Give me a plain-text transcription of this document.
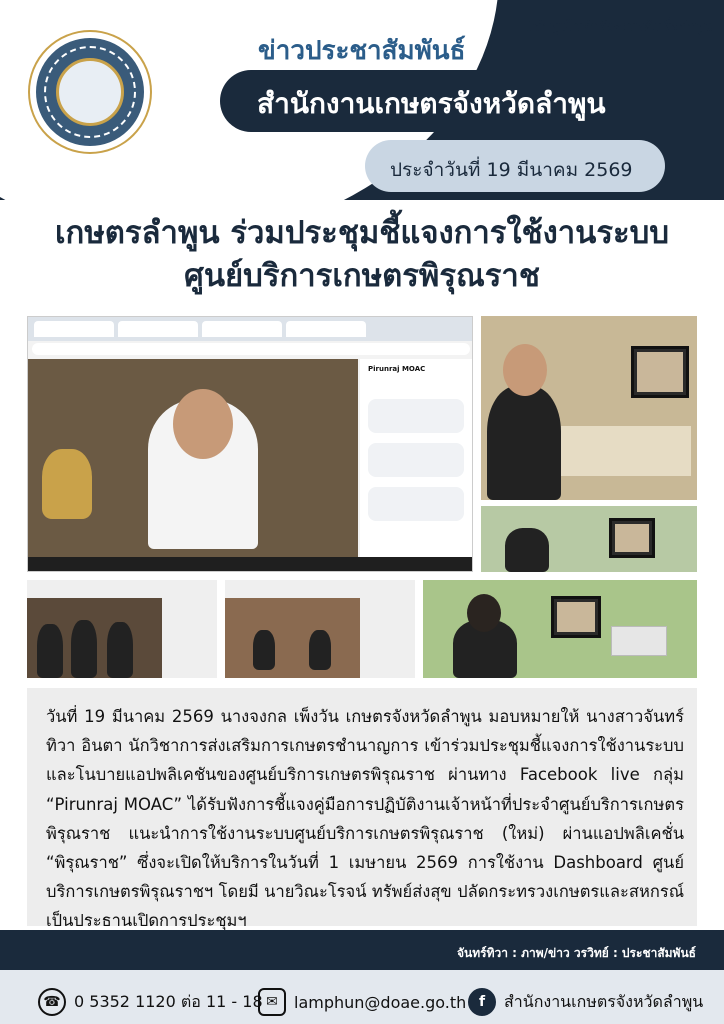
#ลำพูนไม่ลำพังรวมพลังเพื่อลำพูน
ข่าวประชาสัมพันธ์
สำนักงานเกษตรจังหวัดลำพูน
ประจำวันที่ 19 มีนาคม 2569
เกษตรลำพูน ร่วมประชุมชี้แจงการใช้งานระบบ
ศูนย์บริการเกษตรพิรุณราช
Pirunraj MOAC
วันที่ 19 มีนาคม 2569 นางจงกล เพ็งวัน เกษตรจังหวัดลำพูน มอบหมายให้ นางสาวจันทร์ทิวา อินตา นักวิชาการส่งเสริมการเกษตรชำนาญการ เข้าร่วมประชุมชี้แจงการใช้งานระบบและโนบายแอปพลิเคชันของศูนย์บริการเกษตรพิรุณราช ผ่านทาง Facebook live กลุ่ม “Pirunraj MOAC” ได้รับฟังการชี้แจงคู่มือการปฏิบัติงานเจ้าหน้าที่ประจำศูนย์บริการเกษตรพิรุณราช แนะนำการใช้งานระบบศูนย์บริการเกษตรพิรุณราช (ใหม่) ผ่านแอปพลิเคชั่น “พิรุณราช” ซึ่งจะเปิดให้บริการในวันที่ 1 เมษายน 2569 การใช้งาน Dashboard ศูนย์บริการเกษตรพิรุณราชฯ โดยมี นายวิณะโรจน์ ทรัพย์ส่งสุข ปลัดกระทรวงเกษตรและสหกรณ์ เป็นประธานเปิดการประชุมฯ
จันทร์ทิวา : ภาพ/ข่าว วรวิทย์ : ประชาสัมพันธ์
☎ 0 5352 1120 ต่อ 11 - 18 ✉	lamphun@doae.go.th f	สำนักงานเกษตรจังหวัดลำพูน
